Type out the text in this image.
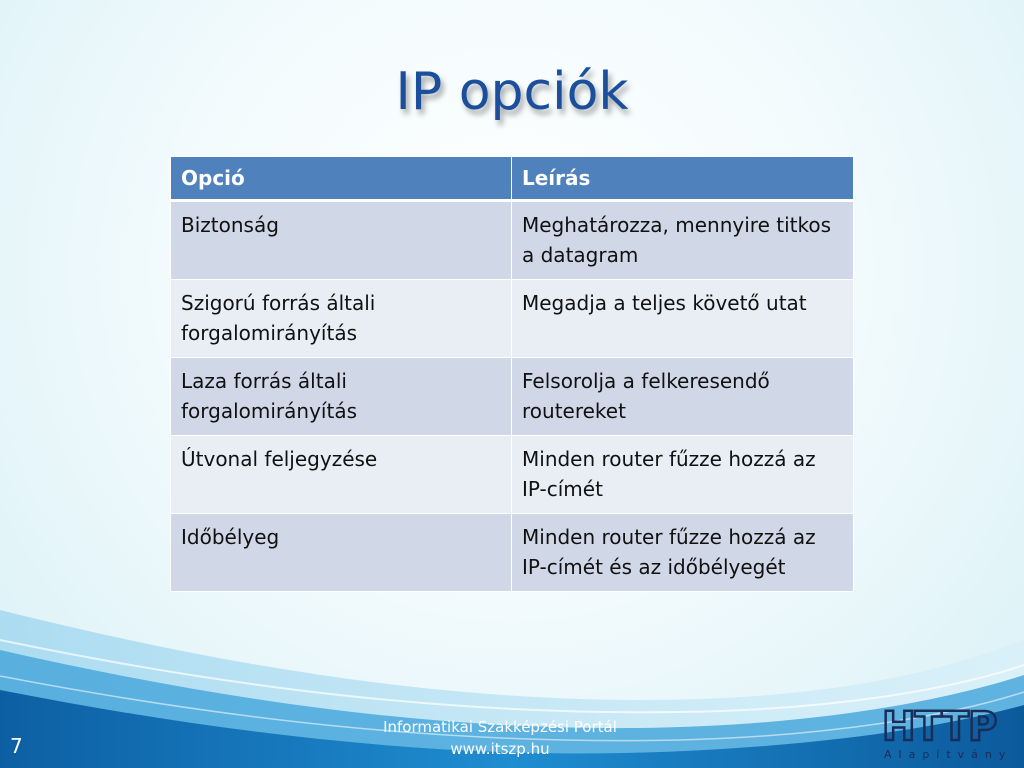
IP opciók
Opció	Leírás
Biztonság	Meghatározza, mennyire titkos a datagram
Szigorú forrás általi forgalomirányítás	Megadja a teljes követő utat
Laza forrás általi forgalomirányítás	Felsorolja a felkeresendő routereket
Útvonal feljegyzése	Minden router fűzze hozzá az IP-címét
Időbélyeg	Minden router fűzze hozzá az IP-címét és az időbélyegét
7
Informatikai Szakképzési Portál
www.itszp.hu	HTTP
Alapítvány
